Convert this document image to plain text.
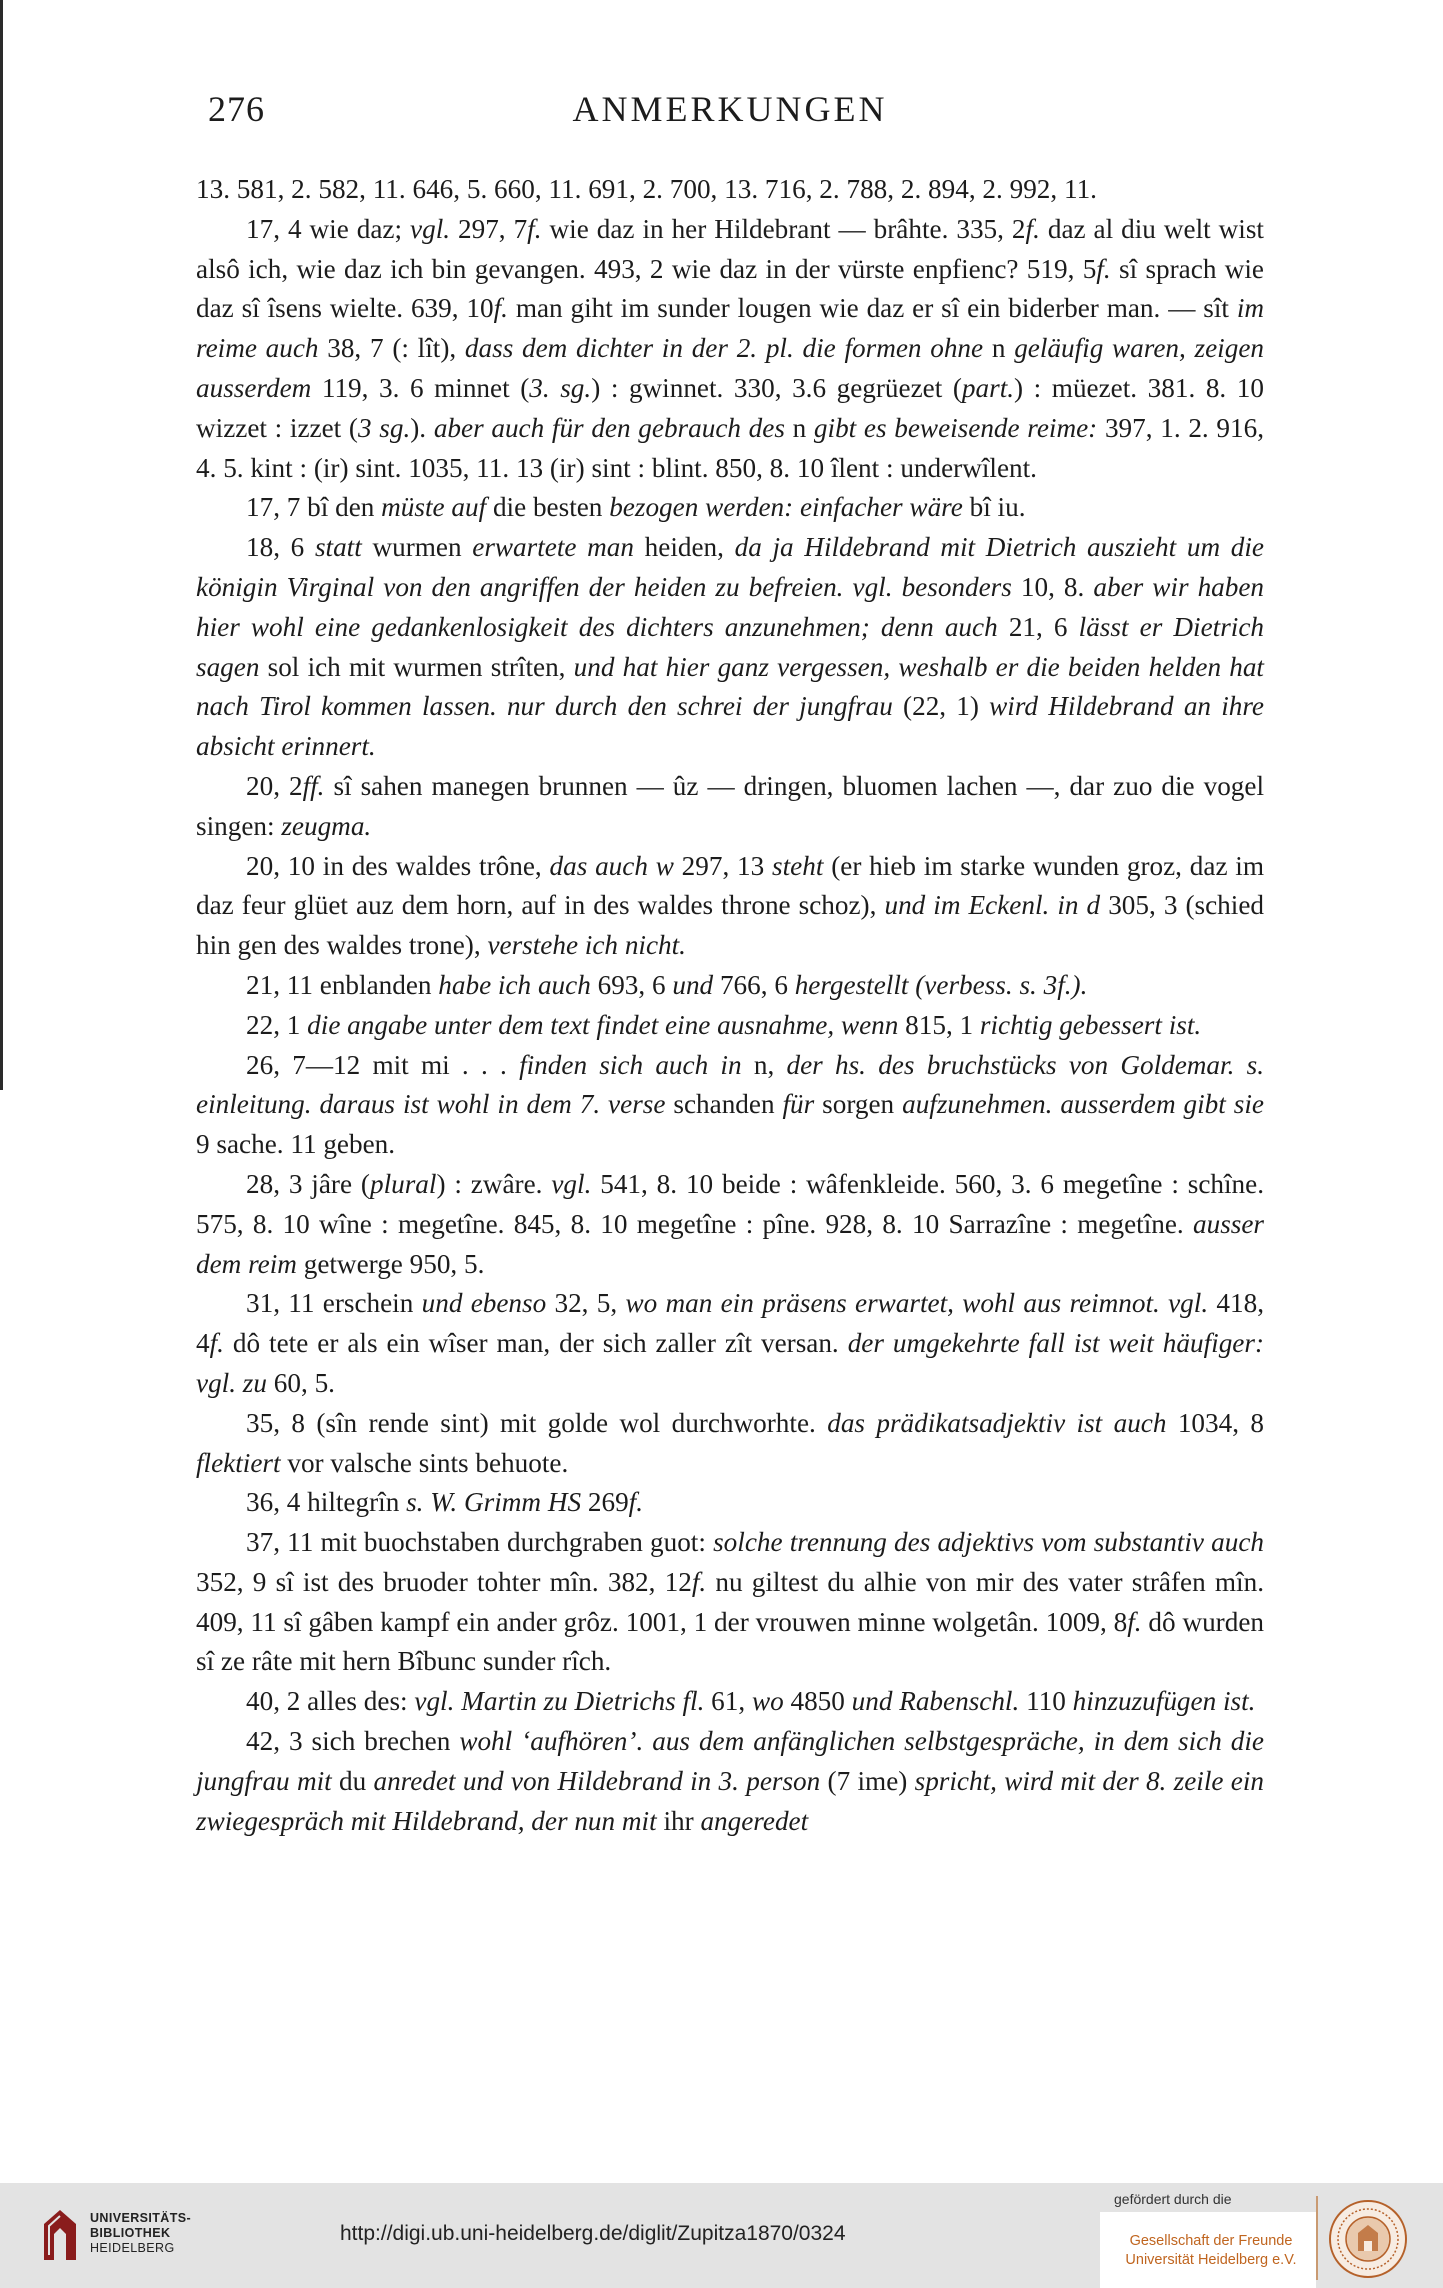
276	ANMERKUNGEN

13. 581, 2. 582, 11. 646, 5. 660, 11. 691, 2. 700, 13. 716, 2. 788, 2. 894, 2. 992, 11.

17, 4 wie daz; vgl. 297, 7f. wie daz in her Hildebrant — brâhte. 335, 2f. daz al diu welt wist alsô ich, wie daz ich bin gevangen. 493, 2 wie daz in der vürste enpfienc? 519, 5f. sî sprach wie daz sî îsens wielte. 639, 10f. man giht im sunder lougen wie daz er sî ein biderber man. — sît im reime auch 38, 7 (: lît), dass dem dichter in der 2. pl. die formen ohne n geläufig waren, zeigen ausserdem 119, 3. 6 minnet (3. sg.) : gwinnet. 330, 3.6 gegrüezet (part.) : müezet. 381. 8. 10 wizzet : izzet (3 sg.). aber auch für den gebrauch des n gibt es beweisende reime: 397, 1. 2. 916, 4. 5. kint : (ir) sint. 1035, 11. 13 (ir) sint : blint. 850, 8. 10 îlent : underwîlent.

17, 7 bî den müste auf die besten bezogen werden: einfacher wäre bî iu.

18, 6 statt wurmen erwartete man heiden, da ja Hildebrand mit Dietrich auszieht um die königin Virginal von den angriffen der heiden zu befreien. vgl. besonders 10, 8. aber wir haben hier wohl eine gedankenlosigkeit des dichters anzunehmen; denn auch 21, 6 lässt er Dietrich sagen sol ich mit wurmen strîten, und hat hier ganz vergessen, weshalb er die beiden helden hat nach Tirol kommen lassen. nur durch den schrei der jungfrau (22, 1) wird Hildebrand an ihre absicht erinnert.

20, 2ff. sî sahen manegen brunnen — ûz — dringen, bluomen lachen —, dar zuo die vogel singen: zeugma.

20, 10 in des waldes trône, das auch w 297, 13 steht (er hieb im starke wunden groz, daz im daz feur glüet auz dem horn, auf in des waldes throne schoz), und im Eckenl. in d 305, 3 (schied hin gen des waldes trone), verstehe ich nicht.

21, 11 enblanden habe ich auch 693, 6 und 766, 6 hergestellt (verbess. s. 3f.).

22, 1 die angabe unter dem text findet eine ausnahme, wenn 815, 1 richtig gebessert ist.

26, 7—12 mit mi . . . finden sich auch in n, der hs. des bruchstücks von Goldemar. s. einleitung. daraus ist wohl in dem 7. verse schanden für sorgen aufzunehmen. ausserdem gibt sie 9 sache. 11 geben.

28, 3 jâre (plural) : zwâre. vgl. 541, 8. 10 beide : wâfenkleide. 560, 3. 6 megetîne : schîne. 575, 8. 10 wîne : megetîne. 845, 8. 10 megetîne : pîne. 928, 8. 10 Sarrazîne : megetîne. ausser dem reim getwerge 950, 5.

31, 11 erschein und ebenso 32, 5, wo man ein präsens erwartet, wohl aus reimnot. vgl. 418, 4f. dô tete er als ein wîser man, der sich zaller zît versan. der umgekehrte fall ist weit häufiger: vgl. zu 60, 5.

35, 8 (sîn rende sint) mit golde wol durchworhte. das prädikatsadjektiv ist auch 1034, 8 flektiert vor valsche sints behuote.

36, 4 hiltegrîn s. W. Grimm HS 269f.

37, 11 mit buochstaben durchgraben guot: solche trennung des adjektivs vom substantiv auch 352, 9 sî ist des bruoder tohter mîn. 382, 12f. nu giltest du alhie von mir des vater strâfen mîn. 409, 11 sî gâben kampf ein ander grôz. 1001, 1 der vrouwen minne wolgetân. 1009, 8f. dô wurden sî ze râte mit hern Bîbunc sunder rîch.

40, 2 alles des: vgl. Martin zu Dietrichs fl. 61, wo 4850 und Rabenschl. 110 hinzuzufügen ist.

42, 3 sich brechen wohl ‘aufhören’. aus dem anfänglichen selbstgespräche, in dem sich die jungfrau mit du anredet und von Hildebrand in 3. person (7 ime) spricht, wird mit der 8. zeile ein zwiegespräch mit Hildebrand, der nun mit ihr angeredet

UNIVERSITÄTS-
BIBLIOTHEK
HEIDELBERG
http://digi.ub.uni-heidelberg.de/diglit/Zupitza1870/0324
gefördert durch die
Gesellschaft der Freunde
Universität Heidelberg e.V.
